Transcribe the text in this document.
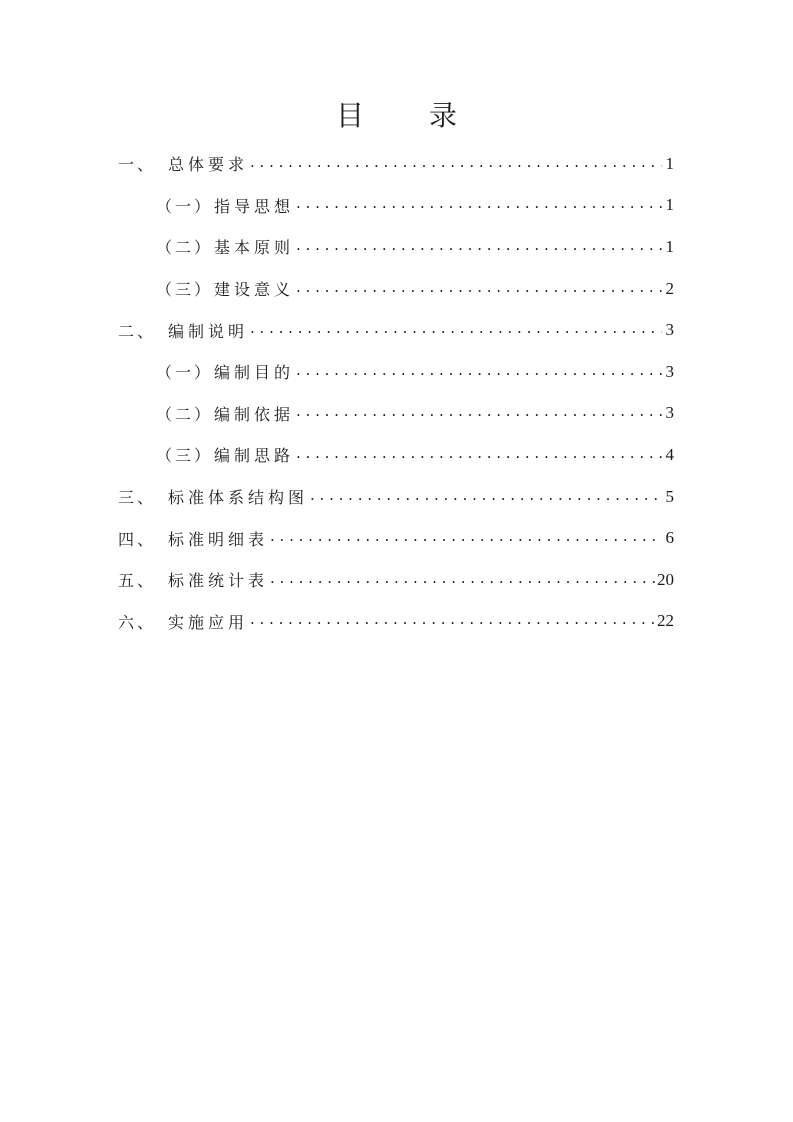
目 录
一、 总体要求 . . .	1
（一） 指导思想 . . .	1
（二） 基本原则 . . .	1
（三） 建设意义 . . .	2
二、 编制说明 . . .	3
（一） 编制目的 . . .	3
（二） 编制依据 . . .	3
（三） 编制思路 . . .	4
三、 标准体系结构图 . . .	5
四、 标准明细表 . . .	6
五、 标准统计表 . . .	20
六、 实施应用 . . .	22
